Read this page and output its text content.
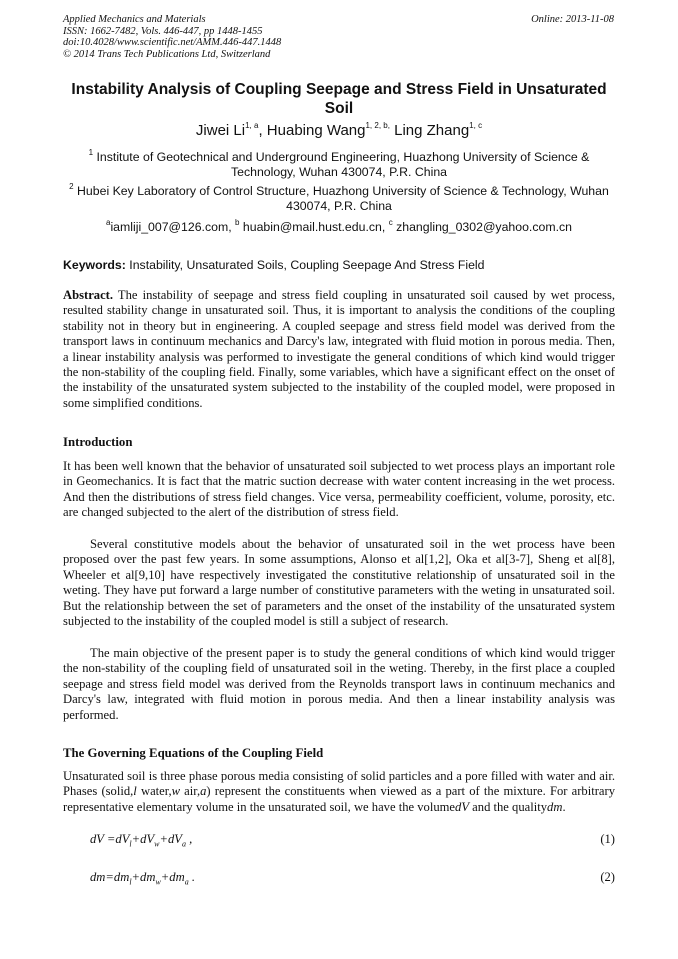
Applied Mechanics and Materials
ISSN: 1662-7482, Vols. 446-447, pp 1448-1455
doi:10.4028/www.scientific.net/AMM.446-447.1448
© 2014 Trans Tech Publications Ltd, Switzerland
Online: 2013-11-08
Instability Analysis of Coupling Seepage and Stress Field in Unsaturated Soil
Jiwei Li$^{1, a}$, Huabing Wang$^{1, 2, b,}$ Ling Zhang$^{1, c}$
$^1$ Institute of Geotechnical and Underground Engineering, Huazhong University of Science & Technology, Wuhan 430074, P.R. China
$^2$ Hubei Key Laboratory of Control Structure, Huazhong University of Science & Technology, Wuhan 430074, P.R. China
$^a$iamliji_007@126.com, $^b$ huabin@mail.hust.edu.cn, $^c$ zhangling_0302@yahoo.com.cn
Keywords: Instability, Unsaturated Soils, Coupling Seepage And Stress Field
Abstract. The instability of seepage and stress field coupling in unsaturated soil caused by wet process, resulted stability change in unsaturated soil. Thus, it is important to analysis the conditions of the coupling stability not in theory but in engineering. A coupled seepage and stress field model was derived from the transport laws in continuum mechanics and Darcy's law, integrated with fluid motion in porous media. Then, a linear instability analysis was performed to investigate the general conditions of which kind would trigger the non-stability of the coupling field. Finally, some variables, which have a significant effect on the onset of the instability of the unsaturated system subjected to the instability of the coupled model, were proposed in some simplified conditions.
Introduction
It has been well known that the behavior of unsaturated soil subjected to wet process plays an important role in Geomechanics. It is fact that the matric suction decrease with water content increasing in the wet process. And then the distributions of stress field changes. Vice versa, permeability coefficient, volume, porosity, etc. are changed subjected to the alert of the distribution of stress field.
Several constitutive models about the behavior of unsaturated soil in the wet process have been proposed over the past few years. In some assumptions, Alonso et al[1,2], Oka et al[3-7], Sheng et al[8], Wheeler et al[9,10] have respectively investigated the constitutive relationship of unsaturated soil in the weting. They have put forward a large number of constitutive parameters with the weting in unsaturated soil. But the relationship between the set of parameters and the onset of the instability of the unsaturated system subjected to the instability of the coupled model is still a subject of research.
The main objective of the present paper is to study the general conditions of which kind would trigger the non-stability of the coupling field of unsaturated soil in the weting. Thereby, in the first place a coupled seepage and stress field model was derived from the Reynolds transport laws in continuum mechanics and Darcy's law, integrated with fluid motion in porous media. And then a linear instability analysis was performed.
The Governing Equations of the Coupling Field
Unsaturated soil is three phase porous media consisting of solid particles and a pore filled with water and air. Phases (solid,l water,w air,a) represent the constituents when viewed as a part of the mixture. For arbitrary representative elementary volume in the unsaturated soil, we have the volumedV and the qualitydm.
dV $=dV_l+dV_w+dV_a$ ,	(1)
$dm=dm_l+dm_w+dm_a$ .	(2)
